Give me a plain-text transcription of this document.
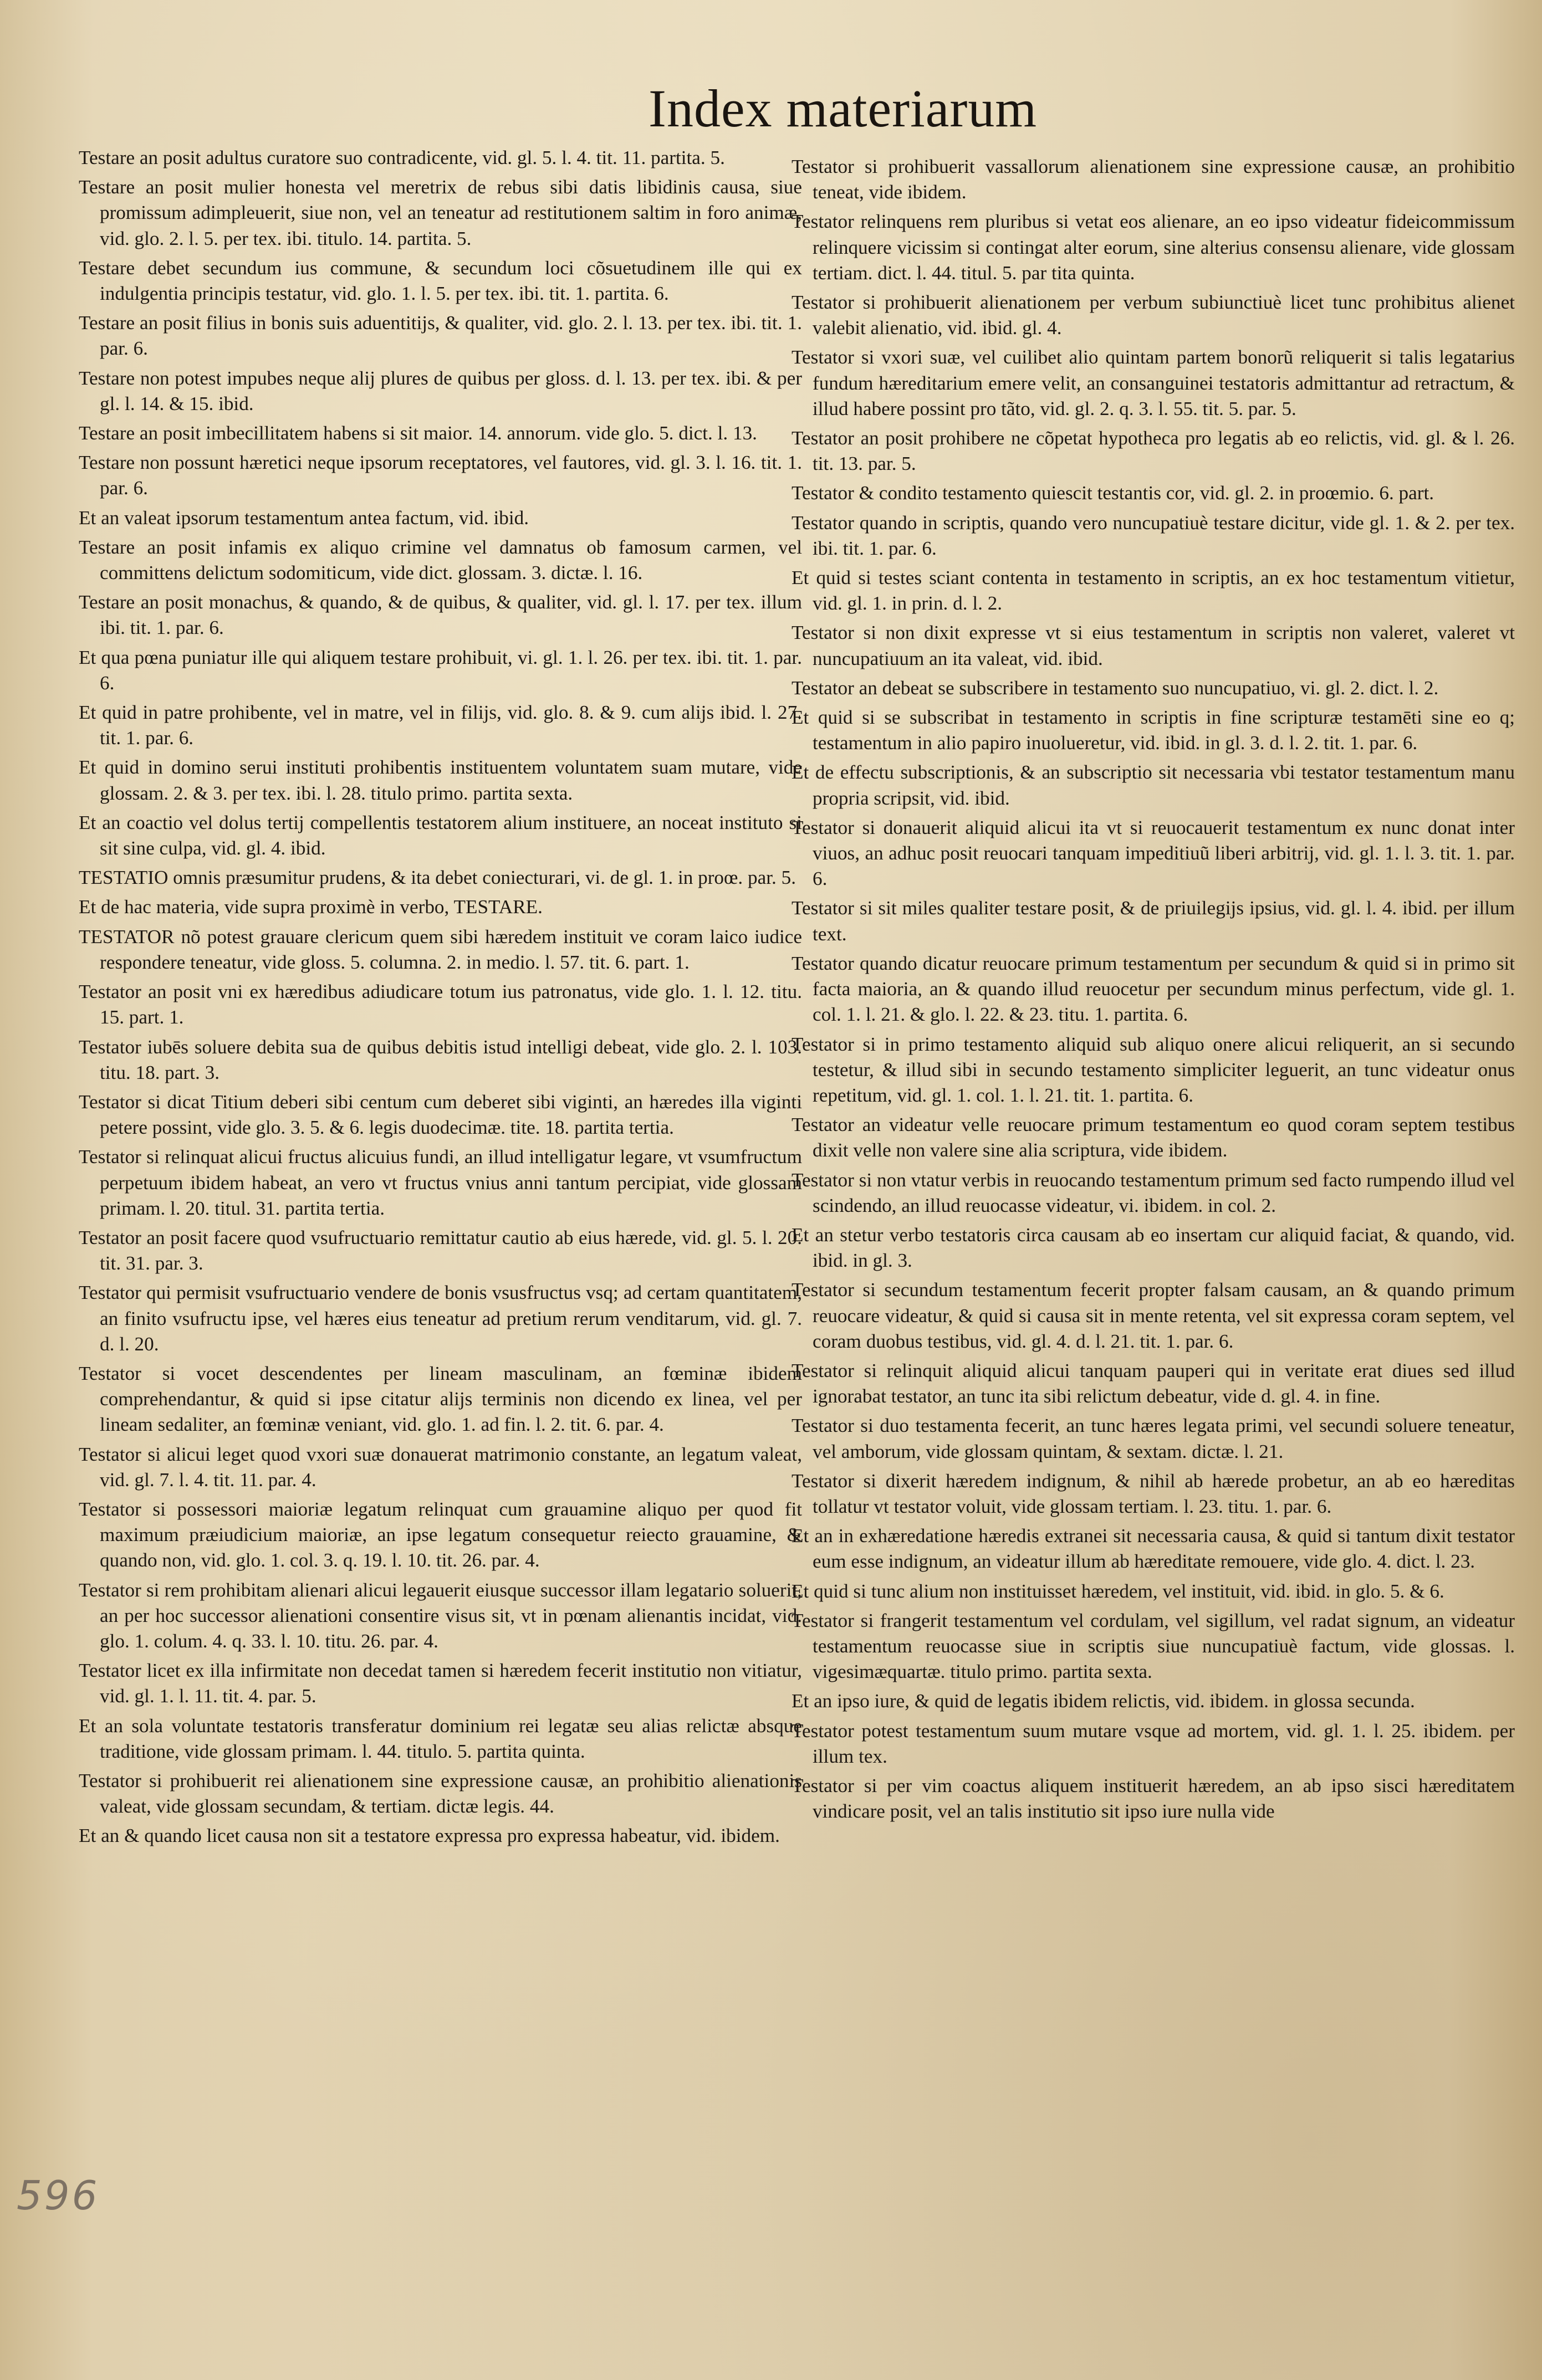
Index materiarum

Testare an posit adultus curatore suo contradicente, vid. gl. 5. l. 4. tit. 11. partita. 5.

Testare an posit mulier honesta vel meretrix de rebus sibi datis libidinis causa, siue promissum adimpleuerit, siue non, vel an teneatur ad restitutionem saltim in foro animæ, vid. glo. 2. l. 5. per tex. ibi. titulo. 14. partita. 5.

Testare debet secundum ius commune, & secundum loci cõsuetudinem ille qui ex indulgentia principis testatur, vid. glo. 1. l. 5. per tex. ibi. tit. 1. partita. 6.

Testare an posit filius in bonis suis aduentitijs, & qualiter, vid. glo. 2. l. 13. per tex. ibi. tit. 1. par. 6.

Testare non potest impubes neque alij plures de quibus per gloss. d. l. 13. per tex. ibi. & per gl. l. 14. & 15. ibid.

Testare an posit imbecillitatem habens si sit maior. 14. annorum. vide glo. 5. dict. l. 13.

Testare non possunt hæretici neque ipsorum receptatores, vel fautores, vid. gl. 3. l. 16. tit. 1. par. 6.

Et an valeat ipsorum testamentum antea factum, vid. ibid.

Testare an posit infamis ex aliquo crimine vel damnatus ob famosum carmen, vel committens delictum sodomiticum, vide dict. glossam. 3. dictæ. l. 16.

Testare an posit monachus, & quando, & de quibus, & qualiter, vid. gl. l. 17. per tex. illum ibi. tit. 1. par. 6.

Et qua pœna puniatur ille qui aliquem testare prohibuit, vi. gl. 1. l. 26. per tex. ibi. tit. 1. par. 6.

Et quid in patre prohibente, vel in matre, vel in filijs, vid. glo. 8. & 9. cum alijs ibid. l. 27. tit. 1. par. 6.

Et quid in domino serui instituti prohibentis instituentem voluntatem suam mutare, vide glossam. 2. & 3. per tex. ibi. l. 28. titulo primo. partita sexta.

Et an coactio vel dolus tertij compellentis testatorem alium instituere, an noceat instituto si sit sine culpa, vid. gl. 4. ibid.

TESTATIO omnis præsumitur prudens, & ita debet coniecturari, vi. de gl. 1. in proœ. par. 5.

Et de hac materia, vide supra proximè in verbo, TESTARE.

TESTATOR nõ potest grauare clericum quem sibi hæredem instituit ve coram laico iudice respondere teneatur, vide gloss. 5. columna. 2. in medio. l. 57. tit. 6. part. 1.

Testator an posit vni ex hæredibus adiudicare totum ius patronatus, vide glo. 1. l. 12. titu. 15. part. 1.

Testator iubēs soluere debita sua de quibus debitis istud intelligi debeat, vide glo. 2. l. 103. titu. 18. part. 3.

Testator si dicat Titium deberi sibi centum cum deberet sibi viginti, an hæredes illa viginti petere possint, vide glo. 3. 5. & 6. legis duodecimæ. tite. 18. partita tertia.

Testator si relinquat alicui fructus alicuius fundi, an illud intelligatur legare, vt vsumfructum perpetuum ibidem habeat, an vero vt fructus vnius anni tantum percipiat, vide glossam primam. l. 20. titul. 31. partita tertia.

Testator an posit facere quod vsufructuario remittatur cautio ab eius hærede, vid. gl. 5. l. 20. tit. 31. par. 3.

Testator qui permisit vsufructuario vendere de bonis vsusfructus vsq; ad certam quantitatem, an finito vsufructu ipse, vel hæres eius teneatur ad pretium rerum venditarum, vid. gl. 7. d. l. 20.

Testator si vocet descendentes per lineam masculinam, an fœminæ ibidem comprehendantur, & quid si ipse citatur alijs terminis non dicendo ex linea, vel per lineam sedaliter, an fœminæ veniant, vid. glo. 1. ad fin. l. 2. tit. 6. par. 4.

Testator si alicui leget quod vxori suæ donauerat matrimonio constante, an legatum valeat, vid. gl. 7. l. 4. tit. 11. par. 4.

Testator si possessori maioriæ legatum relinquat cum grauamine aliquo per quod fit maximum præiudicium maioriæ, an ipse legatum consequetur reiecto grauamine, & quando non, vid. glo. 1. col. 3. q. 19. l. 10. tit. 26. par. 4.

Testator si rem prohibitam alienari alicui legauerit eiusque successor illam legatario soluerit, an per hoc successor alienationi consentire visus sit, vt in pœnam alienantis incidat, vid. glo. 1. colum. 4. q. 33. l. 10. titu. 26. par. 4.

Testator licet ex illa infirmitate non decedat tamen si hæredem fecerit institutio non vitiatur, vid. gl. 1. l. 11. tit. 4. par. 5.

Et an sola voluntate testatoris transferatur dominium rei legatæ seu alias relictæ absque traditione, vide glossam primam. l. 44. titulo. 5. partita quinta.

Testator si prohibuerit rei alienationem sine expressione causæ, an prohibitio alienationis valeat, vide glossam secundam, & tertiam. dictæ legis. 44.

Et an & quando licet causa non sit a testatore expressa pro expressa habeatur, vid. ibidem.

Testator si prohibuerit vassallorum alienationem sine expressione causæ, an prohibitio teneat, vide ibidem.

Testator relinquens rem pluribus si vetat eos alienare, an eo ipso videatur fideicommissum relinquere vicissim si contingat alter eorum, sine alterius consensu alienare, vide glossam tertiam. dict. l. 44. titul. 5. par tita quinta.

Testator si prohibuerit alienationem per verbum subiunctiuè licet tunc prohibitus alienet valebit alienatio, vid. ibid. gl. 4.

Testator si vxori suæ, vel cuilibet alio quintam partem bonorũ reliquerit si talis legatarius fundum hæreditarium emere velit, an consanguinei testatoris admittantur ad retractum, & illud habere possint pro tãto, vid. gl. 2. q. 3. l. 55. tit. 5. par. 5.

Testator an posit prohibere ne cõpetat hypotheca pro legatis ab eo relictis, vid. gl. & l. 26. tit. 13. par. 5.

Testator & condito testamento quiescit testantis cor, vid. gl. 2. in proœmio. 6. part.

Testator quando in scriptis, quando vero nuncupatiuè testare dicitur, vide gl. 1. & 2. per tex. ibi. tit. 1. par. 6.

Et quid si testes sciant contenta in testamento in scriptis, an ex hoc testamentum vitietur, vid. gl. 1. in prin. d. l. 2.

Testator si non dixit expresse vt si eius testamentum in scriptis non valeret, valeret vt nuncupatiuum an ita valeat, vid. ibid.

Testator an debeat se subscribere in testamento suo nuncupatiuo, vi. gl. 2. dict. l. 2.

Et quid si se subscribat in testamento in scriptis in fine scripturæ testamēti sine eo q; testamentum in alio papiro inuolueretur, vid. ibid. in gl. 3. d. l. 2. tit. 1. par. 6.

Et de effectu subscriptionis, & an subscriptio sit necessaria vbi testator testamentum manu propria scripsit, vid. ibid.

Testator si donauerit aliquid alicui ita vt si reuocauerit testamentum ex nunc donat inter viuos, an adhuc posit reuocari tanquam impeditiuũ liberi arbitrij, vid. gl. 1. l. 3. tit. 1. par. 6.

Testator si sit miles qualiter testare posit, & de priuilegijs ipsius, vid. gl. l. 4. ibid. per illum text.

Testator quando dicatur reuocare primum testamentum per secundum & quid si in primo sit facta maioria, an & quando illud reuocetur per secundum minus perfectum, vide gl. 1. col. 1. l. 21. & glo. l. 22. & 23. titu. 1. partita. 6.

Testator si in primo testamento aliquid sub aliquo onere alicui reliquerit, an si secundo testetur, & illud sibi in secundo testamento simpliciter leguerit, an tunc videatur onus repetitum, vid. gl. 1. col. 1. l. 21. tit. 1. partita. 6.

Testator an videatur velle reuocare primum testamentum eo quod coram septem testibus dixit velle non valere sine alia scriptura, vide ibidem.

Testator si non vtatur verbis in reuocando testamentum primum sed facto rumpendo illud vel scindendo, an illud reuocasse videatur, vi. ibidem. in col. 2.

Et an stetur verbo testatoris circa causam ab eo insertam cur aliquid faciat, & quando, vid. ibid. in gl. 3.

Testator si secundum testamentum fecerit propter falsam causam, an & quando primum reuocare videatur, & quid si causa sit in mente retenta, vel sit expressa coram septem, vel coram duobus testibus, vid. gl. 4. d. l. 21. tit. 1. par. 6.

Testator si relinquit aliquid alicui tanquam pauperi qui in veritate erat diues sed illud ignorabat testator, an tunc ita sibi relictum debeatur, vide d. gl. 4. in fine.

Testator si duo testamenta fecerit, an tunc hæres legata primi, vel secundi soluere teneatur, vel amborum, vide glossam quintam, & sextam. dictæ. l. 21.

Testator si dixerit hæredem indignum, & nihil ab hærede probetur, an ab eo hæreditas tollatur vt testator voluit, vide glossam tertiam. l. 23. titu. 1. par. 6.

Et an in exhæredatione hæredis extranei sit necessaria causa, & quid si tantum dixit testator eum esse indignum, an videatur illum ab hæreditate remouere, vide glo. 4. dict. l. 23.

Et quid si tunc alium non instituisset hæredem, vel instituit, vid. ibid. in glo. 5. & 6.

Testator si frangerit testamentum vel cordulam, vel sigillum, vel radat signum, an videatur testamentum reuocasse siue in scriptis siue nuncupatiuè factum, vide glossas. l. vigesimæquartæ. titulo primo. partita sexta.

Et an ipso iure, & quid de legatis ibidem relictis, vid. ibidem. in glossa secunda.

Testator potest testamentum suum mutare vsque ad mortem, vid. gl. 1. l. 25. ibidem. per illum tex.

Testator si per vim coactus aliquem instituerit hæredem, an ab ipso sisci hæreditatem vindicare posit, vel an talis institutio sit ipso iure nulla vide

596
